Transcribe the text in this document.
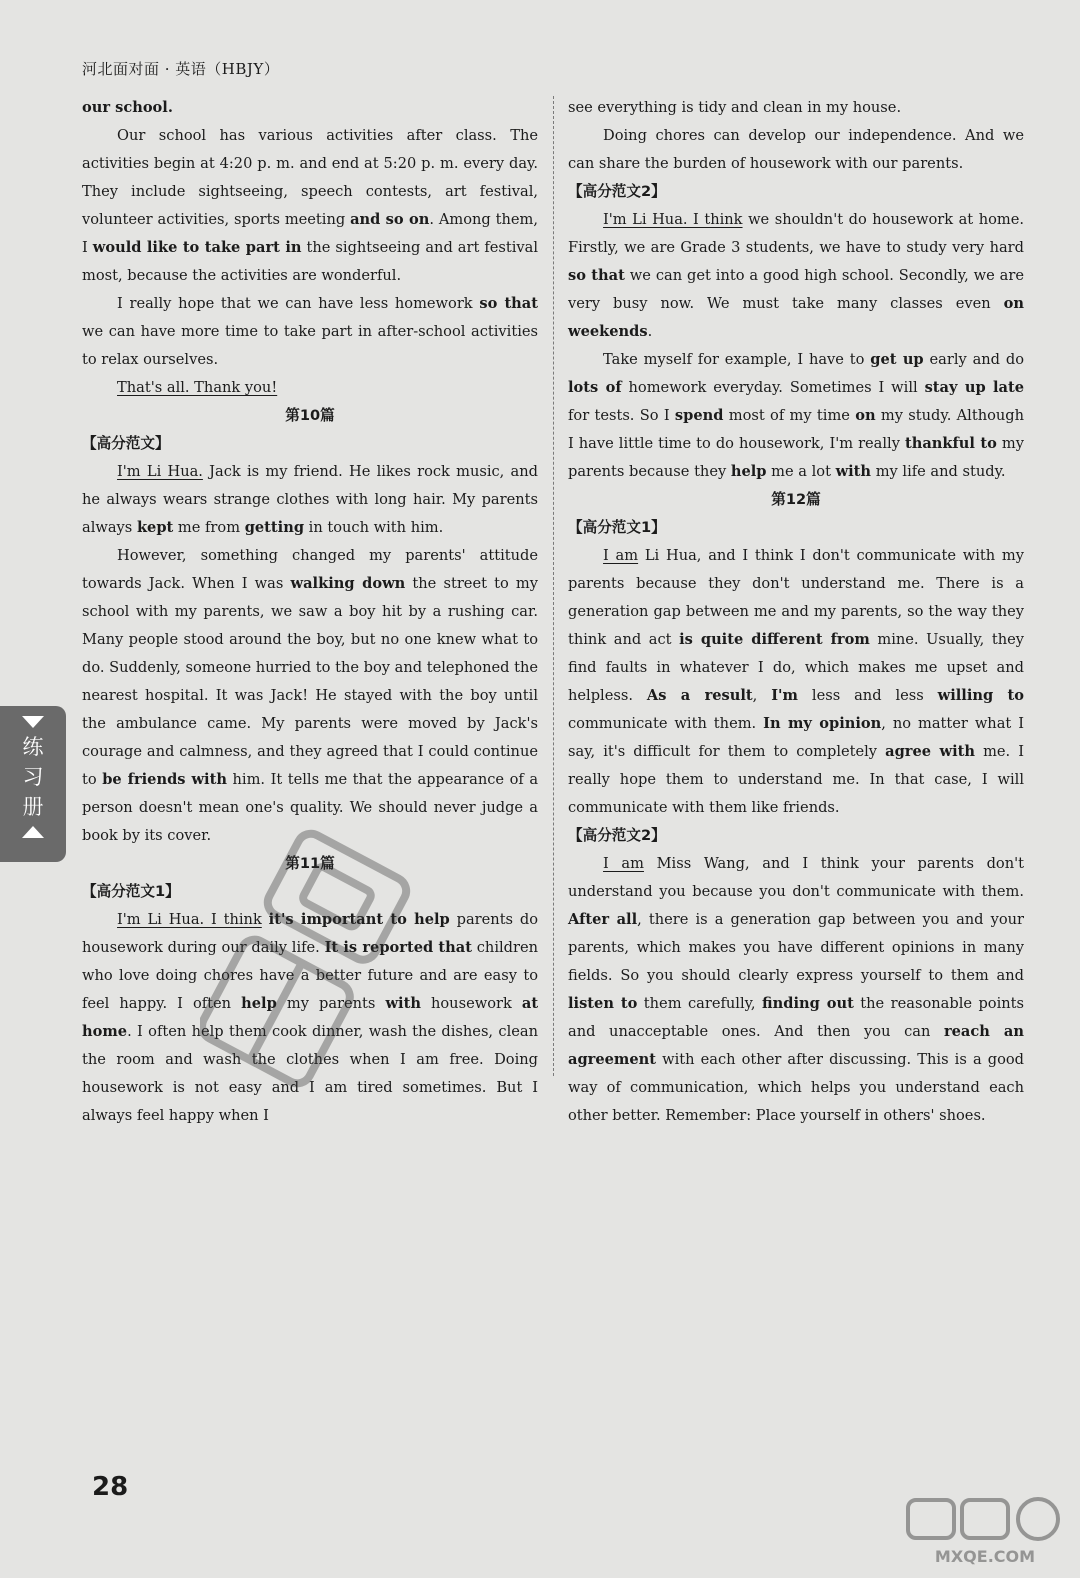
河北面对面 · 英语（HBJY）

our school.

Our school has various activities after class. The activities begin at 4:20 p. m. and end at 5:20 p. m. every day. They include sightseeing, speech contests, art festival, volunteer activities, sports meeting and so on. Among them, I would like to take part in the sightseeing and art festival most, because the activities are wonderful.

I really hope that we can have less homework so that we can have more time to take part in after-school activities to relax ourselves.

That's all. Thank you!

第10篇

【高分范文】

I'm Li Hua. Jack is my friend. He likes rock music, and he always wears strange clothes with long hair. My parents always kept me from getting in touch with him.

However, something changed my parents' attitude towards Jack. When I was walking down the street to my school with my parents, we saw a boy hit by a rushing car. Many people stood around the boy, but no one knew what to do. Suddenly, someone hurried to the boy and telephoned the nearest hospital. It was Jack! He stayed with the boy until the ambulance came. My parents were moved by Jack's courage and calmness, and they agreed that I could continue to be friends with him. It tells me that the appearance of a person doesn't mean one's quality. We should never judge a book by its cover.

第11篇

【高分范文1】

I'm Li Hua. I think it's important to help parents do housework during our daily life. It is reported that children who love doing chores have a better future and are easy to feel happy. I often help my parents with housework at home. I often help them cook dinner, wash the dishes, clean the room and wash the clothes when I am free. Doing housework is not easy and I am tired sometimes. But I always feel happy when I

see everything is tidy and clean in my house.

Doing chores can develop our independence. And we can share the burden of housework with our parents.

【高分范文2】

I'm Li Hua. I think we shouldn't do housework at home. Firstly, we are Grade 3 students, we have to study very hard so that we can get into a good high school. Secondly, we are very busy now. We must take many classes even on weekends.

Take myself for example, I have to get up early and do lots of homework everyday. Sometimes I will stay up late for tests. So I spend most of my time on my study. Although I have little time to do housework, I'm really thankful to my parents because they help me a lot with my life and study.

第12篇

【高分范文1】

I am Li Hua, and I think I don't communicate with my parents because they don't understand me. There is a generation gap between me and my parents, so the way they think and act is quite different from mine. Usually, they find faults in whatever I do, which makes me upset and helpless. As a result, I'm less and less willing to communicate with them. In my opinion, no matter what I say, it's difficult for them to completely agree with me. I really hope them to understand me. In that case, I will communicate with them like friends.

【高分范文2】

I am Miss Wang, and I think your parents don't understand you because you don't communicate with them. After all, there is a generation gap between you and your parents, which makes you have different opinions in many fields. So you should clearly express yourself to them and listen to them carefully, finding out the reasonable points and unacceptable ones. And then you can reach an agreement with each other after discussing. This is a good way of communication, which helps you understand each other better. Remember: Place yourself in others' shoes.

练习册
28
MXQE.COM
